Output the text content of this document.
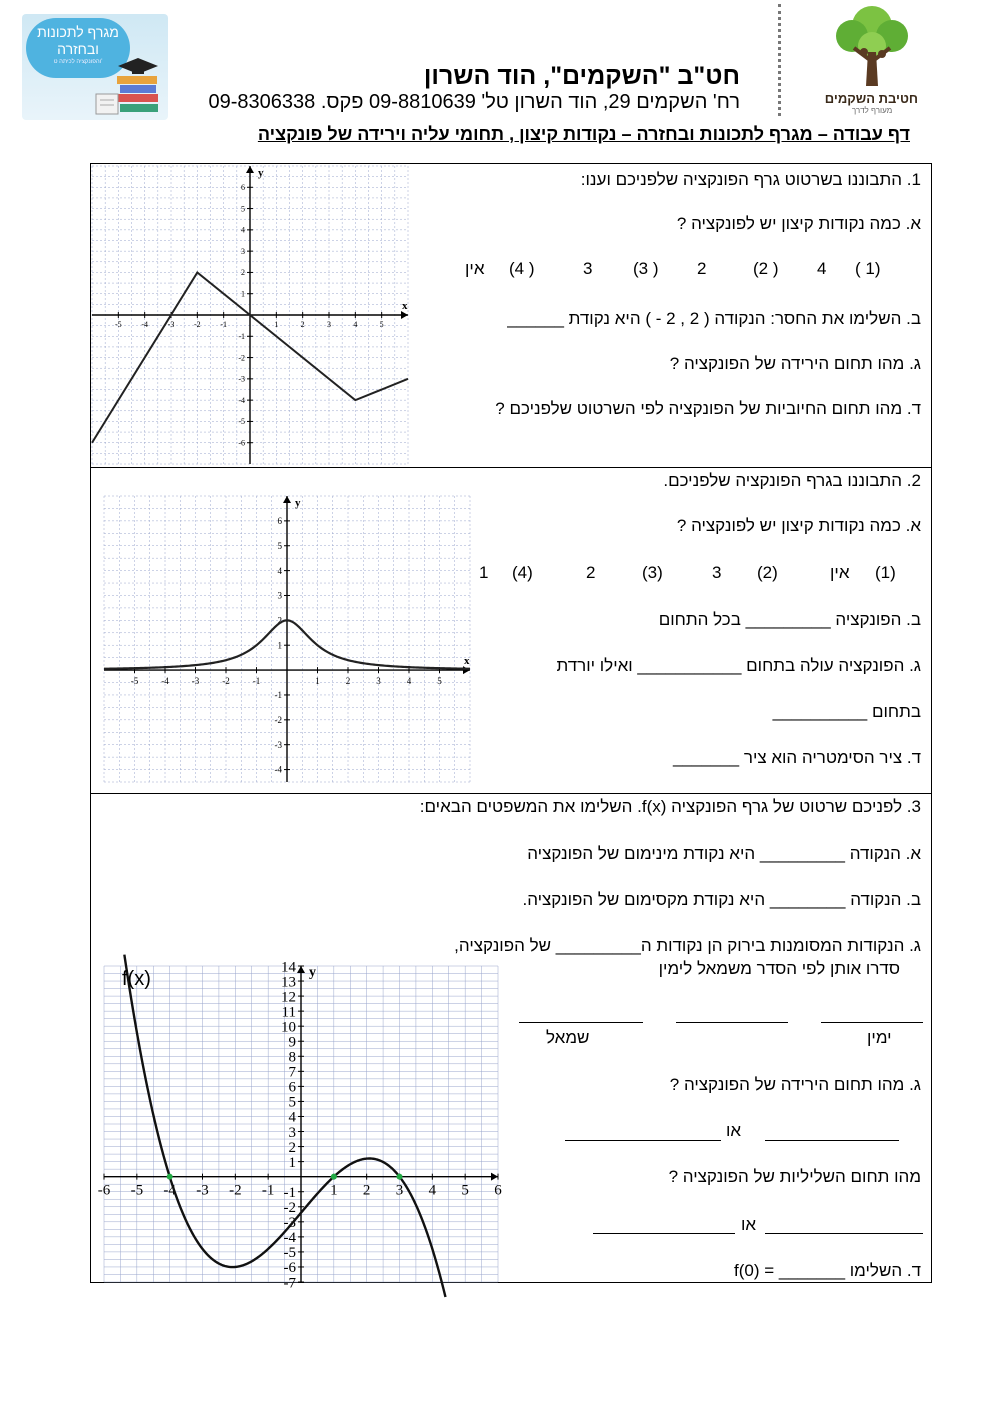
מגרף לתכונות
ובחזרה
והפונקציה לכיתה ט'	חט"ב "השקמים", הוד השרון
רח' השקמים 29, הוד השרון טל' 09-8810639 פקס. 09-8306338	חטיבת השקמים
מעורף לדרך
דף עבודה – מגרף לתכונות ובחזרה – נקודות קיצון , תחומי עליה וירידה של פונקציה
1. התבוננו בשרטוט גרף הפונקציה שלפניכם וענו:
א. כמה נקודות קיצון יש לפונקציה ?
( 1)
4
(2 )
2
(3 )
3
(4 )
אין
ב. השלימו את החסר: הנקודה ( 2 , 2 - ) היא נקודת ______
ג. מהו תחום הירידה של הפונקציה ?
ד. מהו תחום החיוביות של הפונקציה לפי השרטוט שלפניכם ?
2. התבוננו בגרף הפונקציה שלפניכם.
א. כמה נקודות קיצון יש לפונקציה ?
(1)
אין
(2)
3
(3)
2
(4)
1
ב. הפונקציה _________ בכל התחום
ג. הפונקציה עולה בתחום ___________ ואילו יורדת
בתחום __________
ד. ציר הסימטריה הוא ציר _______
3. לפניכם שרטוט של גרף הפונקציה f(x). השלימו את המשפטים הבאים:
א. הנקודה _________ היא נקודת מינימום של הפונקציה
ב. הנקודה ________ היא נקודת מקסימום של הפונקציה.
ג. הנקודות המסומנות בירוק הן נקודות ה_________ של הפונקציה,
סדרו אותן לפי הסדר משמאל לימין
ימין
שמאל
ג. מהו תחום הירידה של הפונקציה ?
או
מהו תחום השליליות של הפונקציה ?
או
ד. השלימו _______ = f(0)
x
y
-5 -4 -3 -2 -1	1	2	3	4	5
-6
-5
-4
-3
-2
-1
1
2
3
4
5
6
x
y
-5	-4	-3	-2	-1	1	2	3	4	5
-4
-3
-2
-1
1
2
3
4
5
6
y
-6 -5 -4 -3 -2 -1	1 2 3 4 5 6
-7
-6
-5
-4
-3
-2
-1
1
2
3
4
5
6
7
8
9
10
11
12
13
14
f(x)
